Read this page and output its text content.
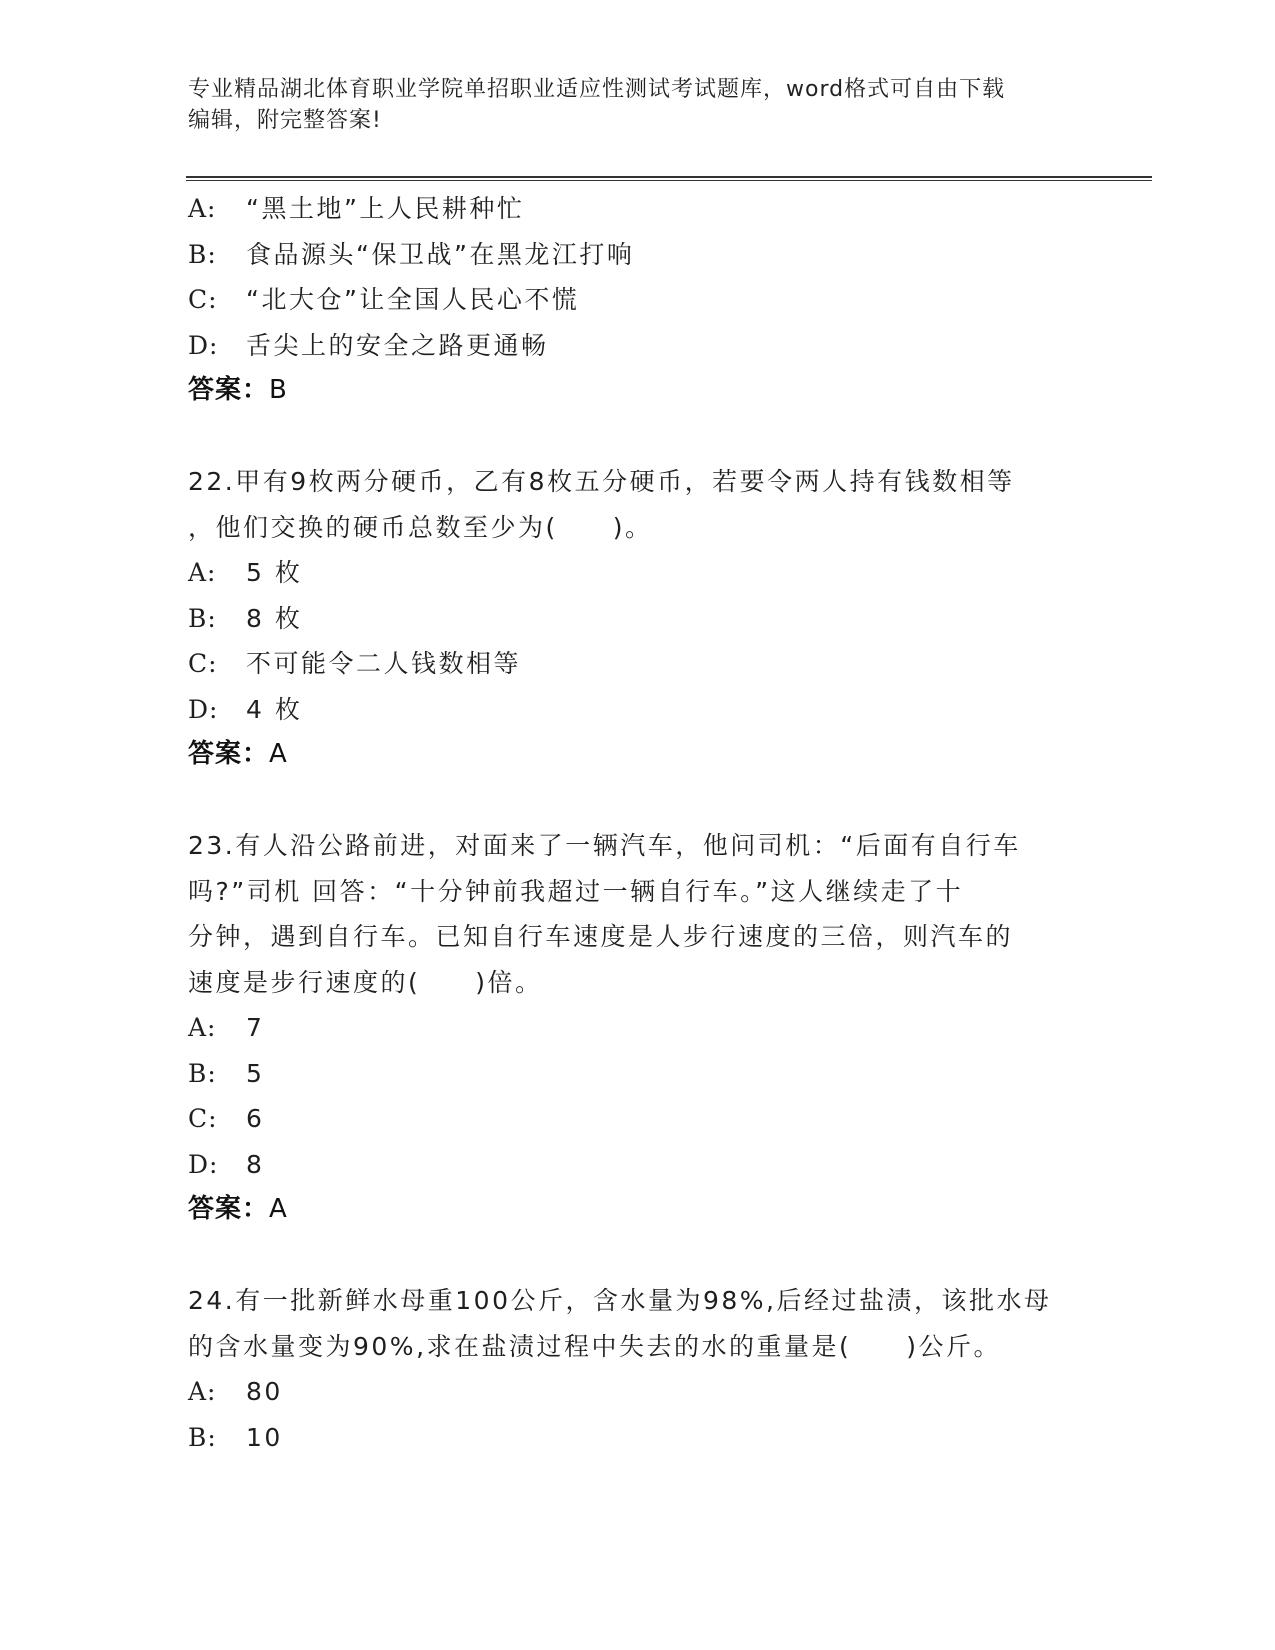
专业精品湖北体育职业学院单招职业适应性测试考试题库，word格式可自由下载
编辑，附完整答案!
A: “黑土地”上人民耕种忙
B: 食品源头“保卫战”在黑龙江打响
C: “北大仓”让全国人民心不慌
D: 舌尖上的安全之路更通畅
答案：B
22.甲有9枚两分硬币，乙有8枚五分硬币，若要令两人持有钱数相等
，他们交换的硬币总数至少为(　　)。
A: 5 枚
B: 8 枚
C: 不可能令二人钱数相等
D: 4 枚
答案：A
23.有人沿公路前进，对面来了一辆汽车，他问司机：“后面有自行车
吗?”司机 回答：“十分钟前我超过一辆自行车。”这人继续走了十
分钟，遇到自行车。已知自行车速度是人步行速度的三倍，则汽车的
速度是步行速度的(　　)倍。
A: 7
B: 5
C: 6
D: 8
答案：A
24.有一批新鲜水母重100公斤，含水量为98%,后经过盐渍，该批水母
的含水量变为90%,求在盐渍过程中失去的水的重量是(　　)公斤。
A: 80
B: 10
